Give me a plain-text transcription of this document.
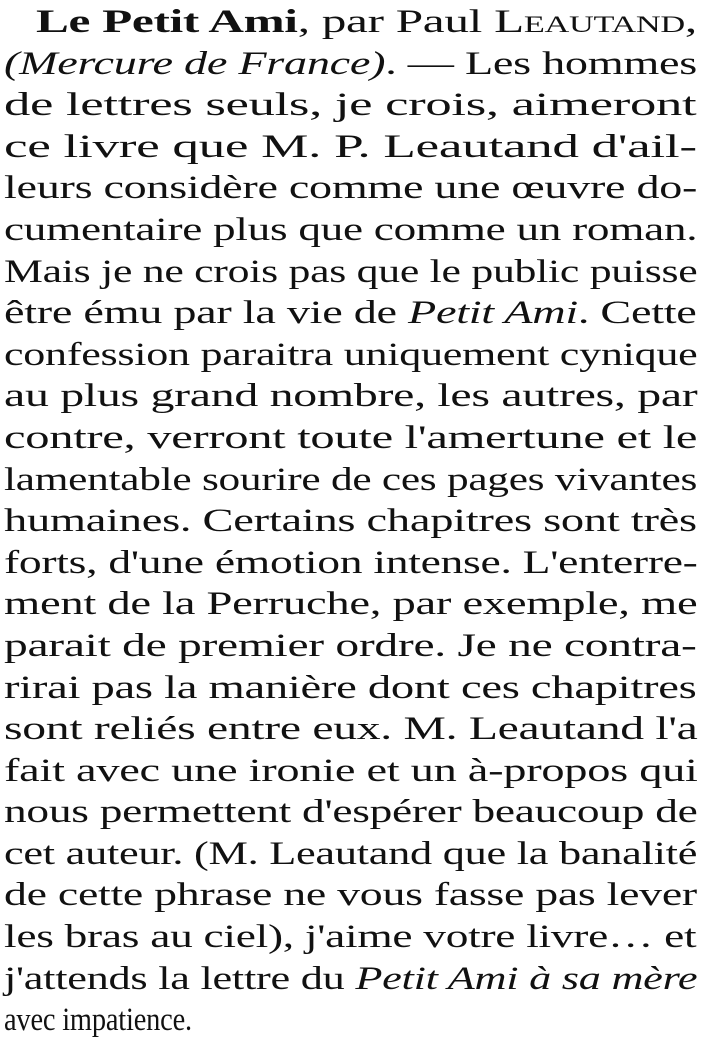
Le Petit Ami, par Paul Leautand,
(Mercure de France). — Les hommes
de lettres seuls, je crois, aimeront
ce livre que M. P. Leautand d'ail-
leurs considère comme une œuvre do-
cumentaire plus que comme un roman.
Mais je ne crois pas que le public puisse
être ému par la vie de Petit Ami. Cette
confession paraitra uniquement cynique
au plus grand nombre, les autres, par
contre, verront toute l'amertune et le
lamentable sourire de ces pages vivantes
humaines. Certains chapitres sont très
forts, d'une émotion intense. L'enterre-
ment de la Perruche, par exemple, me
parait de premier ordre. Je ne contra-
rirai pas la manière dont ces chapitres
sont reliés entre eux. M. Leautand l'a
fait avec une ironie et un à-propos qui
nous permettent d'espérer beaucoup de
cet auteur. (M. Leautand que la banalité
de cette phrase ne vous fasse pas lever
les bras au ciel), j'aime votre livre… et
j'attends la lettre du Petit Ami à sa mère
avec impatience.
